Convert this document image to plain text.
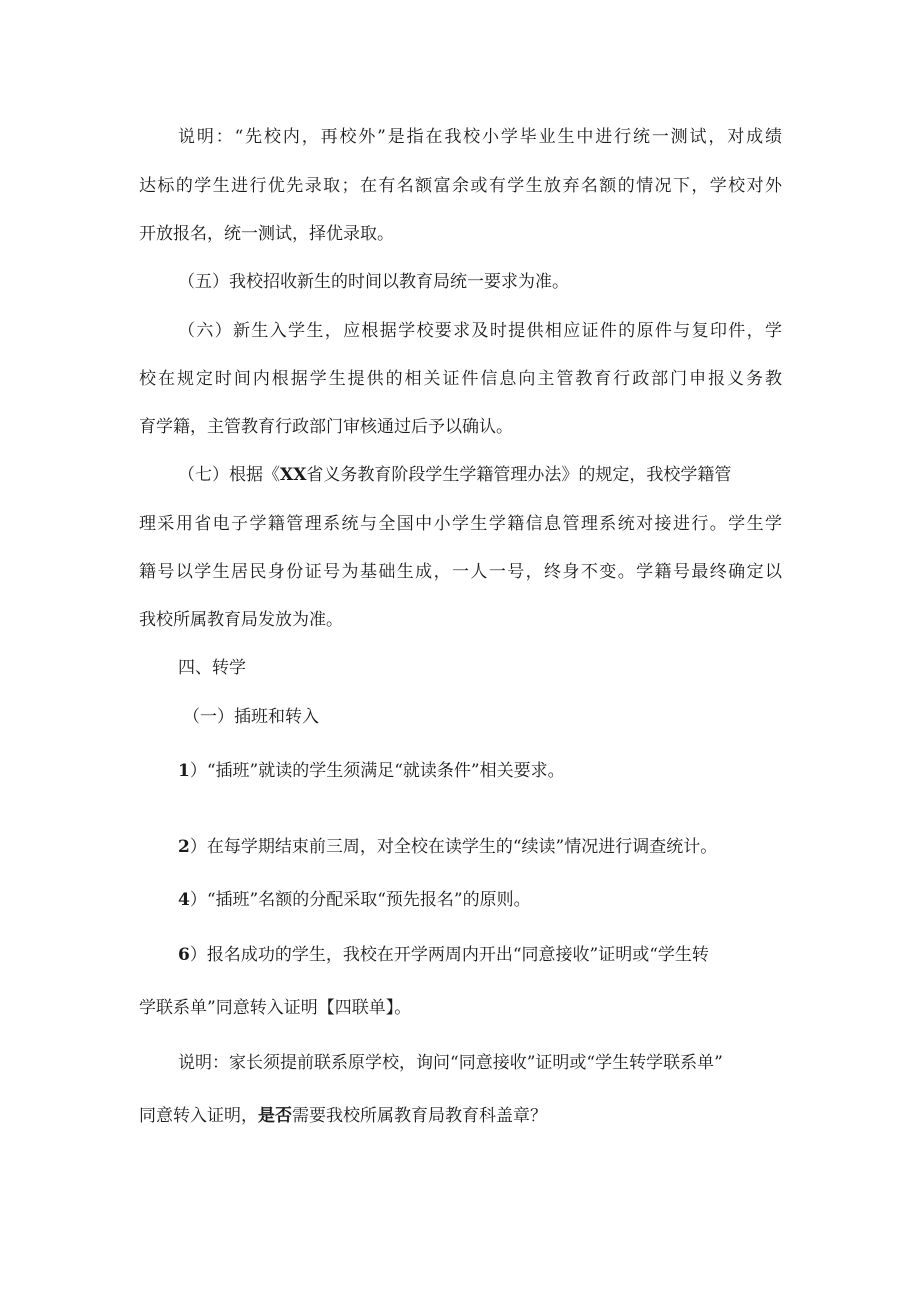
说明：“先校内，再校外”是指在我校小学毕业生中进行统一测试，对成绩
达标的学生进行优先录取；在有名额富余或有学生放弃名额的情况下，学校对外
开放报名，统一测试，择优录取。
（五）我校招收新生的时间以教育局统一要求为准。
（六）新生入学生，应根据学校要求及时提供相应证件的原件与复印件，学
校在规定时间内根据学生提供的相关证件信息向主管教育行政部门申报义务教
育学籍，主管教育行政部门审核通过后予以确认。
（七）根据《XX省义务教育阶段学生学籍管理办法》的规定，我校学籍管
理采用省电子学籍管理系统与全国中小学生学籍信息管理系统对接进行。学生学
籍号以学生居民身份证号为基础生成，一人一号，终身不变。学籍号最终确定以
我校所属教育局发放为准。
四、转学
（一）插班和转入
1）“插班”就读的学生须满足“就读条件”相关要求。
2）在每学期结束前三周，对全校在读学生的“续读”情况进行调查统计。
4）“插班”名额的分配采取“预先报名”的原则。
6）报名成功的学生，我校在开学两周内开出“同意接收”证明或“学生转
学联系单”同意转入证明【四联单】。
说明：家长须提前联系原学校，询问“同意接收”证明或“学生转学联系单”
同意转入证明，是否需要我校所属教育局教育科盖章？
